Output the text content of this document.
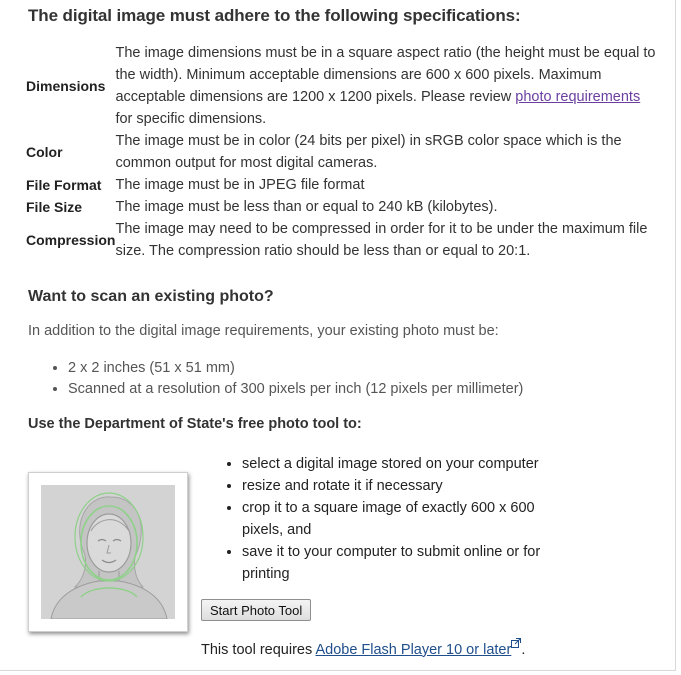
The digital image must adhere to the following specifications:
Dimensions	The image dimensions must be in a square aspect ratio (the height must be equal to the width). Minimum acceptable dimensions are 600 x 600 pixels. Maximum acceptable dimensions are 1200 x 1200 pixels. Please review photo requirements for specific dimensions.
Color	The image must be in color (24 bits per pixel) in sRGB color space which is the common output for most digital cameras.
File Format	The image must be in JPEG file format
File Size	The image must be less than or equal to 240 kB (kilobytes).
Compression	The image may need to be compressed in order for it to be under the maximum file size. The compression ratio should be less than or equal to 20:1.
Want to scan an existing photo?

In addition to the digital image requirements, your existing photo must be:

• 2 x 2 inches (51 x 51 mm)
• Scanned at a resolution of 300 pixels per inch (12 pixels per millimeter)
Use the Department of State's free photo tool to:
• select a digital image stored on your computer
• resize and rotate it if necessary
• crop it to a square image of exactly 600 x 600 pixels, and
• save it to your computer to submit online or for printing
Start Photo Tool

This tool requires Adobe Flash Player 10 or later .
